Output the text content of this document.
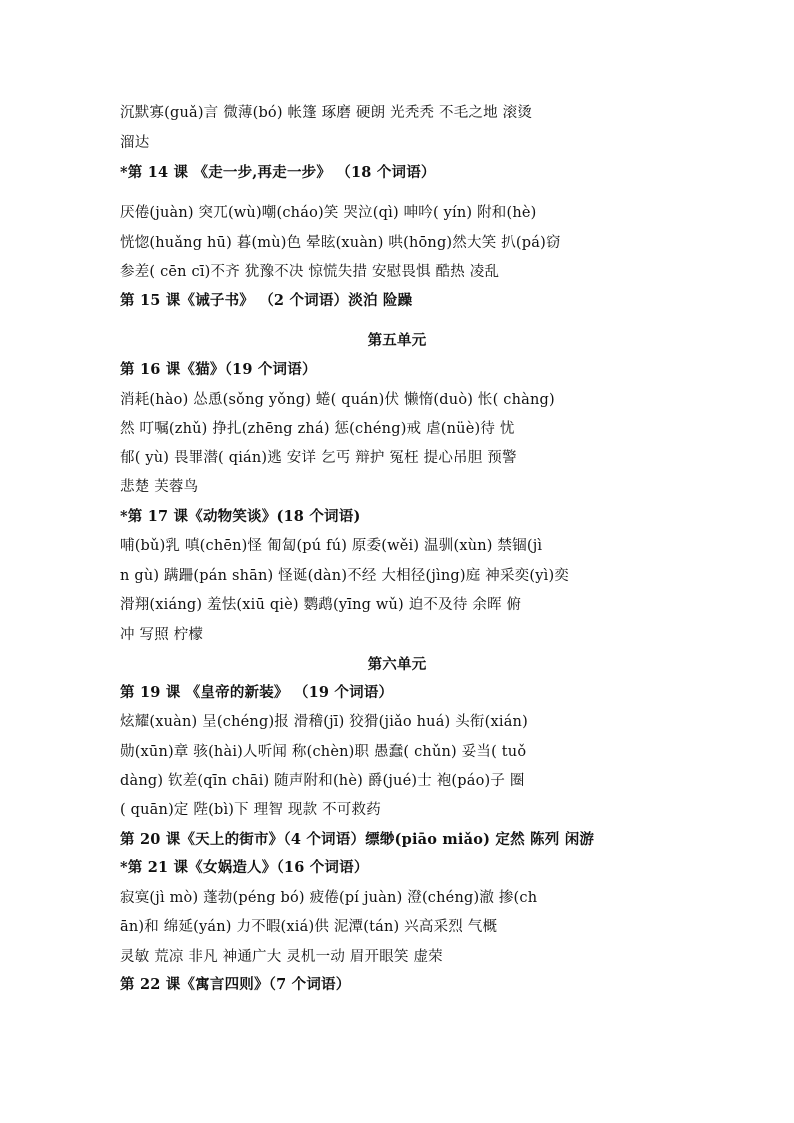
沉默寡(guǎ)言 微薄(bó) 帐篷 琢磨 硬朗 光秃秃 不毛之地 滚烫
溜达
*第 14 课 《走一步,再走一步》 （18 个词语）
厌倦(juàn) 突兀(wù)嘲(cháo)笑 哭泣(qì) 呻吟( yín) 附和(hè)
恍惚(huǎng hū) 暮(mù)色 晕眩(xuàn) 哄(hōng)然大笑 扒(pá)窃
参差( cēn cī)不齐 犹豫不决 惊慌失措 安慰畏惧 酷热 凌乱
第 15 课《诫子书》 （2 个词语）淡泊 险躁
第五单元
第 16 课《猫》（19 个词语）
消耗(hào) 怂恿(sǒng yǒng) 蜷( quán)伏 懒惰(duò) 怅( chàng)
然 叮嘱(zhǔ) 挣扎(zhēng zhá) 惩(chéng)戒 虐(nüè)待 忧
郁( yù) 畏罪潜( qián)逃 安详 乞丐 辩护 冤枉 提心吊胆 预警
悲楚 芙蓉鸟
*第 17 课《动物笑谈》(18 个词语)
哺(bǔ)乳 嗔(chēn)怪 匍匐(pú fú) 原委(wěi) 温驯(xùn) 禁锢(jì
n gù) 蹒跚(pán shān) 怪诞(dàn)不经 大相径(jìng)庭 神采奕(yì)奕
滑翔(xiáng) 羞怯(xiū qiè) 鹦鹉(yīng wǔ) 迫不及待 余晖 俯
冲 写照 柠檬
第六单元
第 19 课 《皇帝的新装》 （19 个词语）
炫耀(xuàn) 呈(chéng)报 滑稽(jī) 狡猾(jiǎo huá) 头衔(xián)
勋(xūn)章 骇(hài)人听闻 称(chèn)职 愚蠢( chǔn) 妥当( tuǒ
dàng) 钦差(qīn chāi) 随声附和(hè) 爵(jué)士 袍(páo)子 圈
( quān)定 陛(bì)下 理智 现款 不可救药
第 20 课《天上的街市》（4 个词语）缥缈(piāo miǎo) 定然 陈列 闲游
*第 21 课《女娲造人》（16 个词语）
寂寞(jì mò) 蓬勃(péng bó) 疲倦(pí juàn) 澄(chéng)澈 掺(ch
ān)和 绵延(yán) 力不暇(xiá)供 泥潭(tán) 兴高采烈 气概
灵敏 荒凉 非凡 神通广大 灵机一动 眉开眼笑 虚荣
第 22 课《寓言四则》（7 个词语）
